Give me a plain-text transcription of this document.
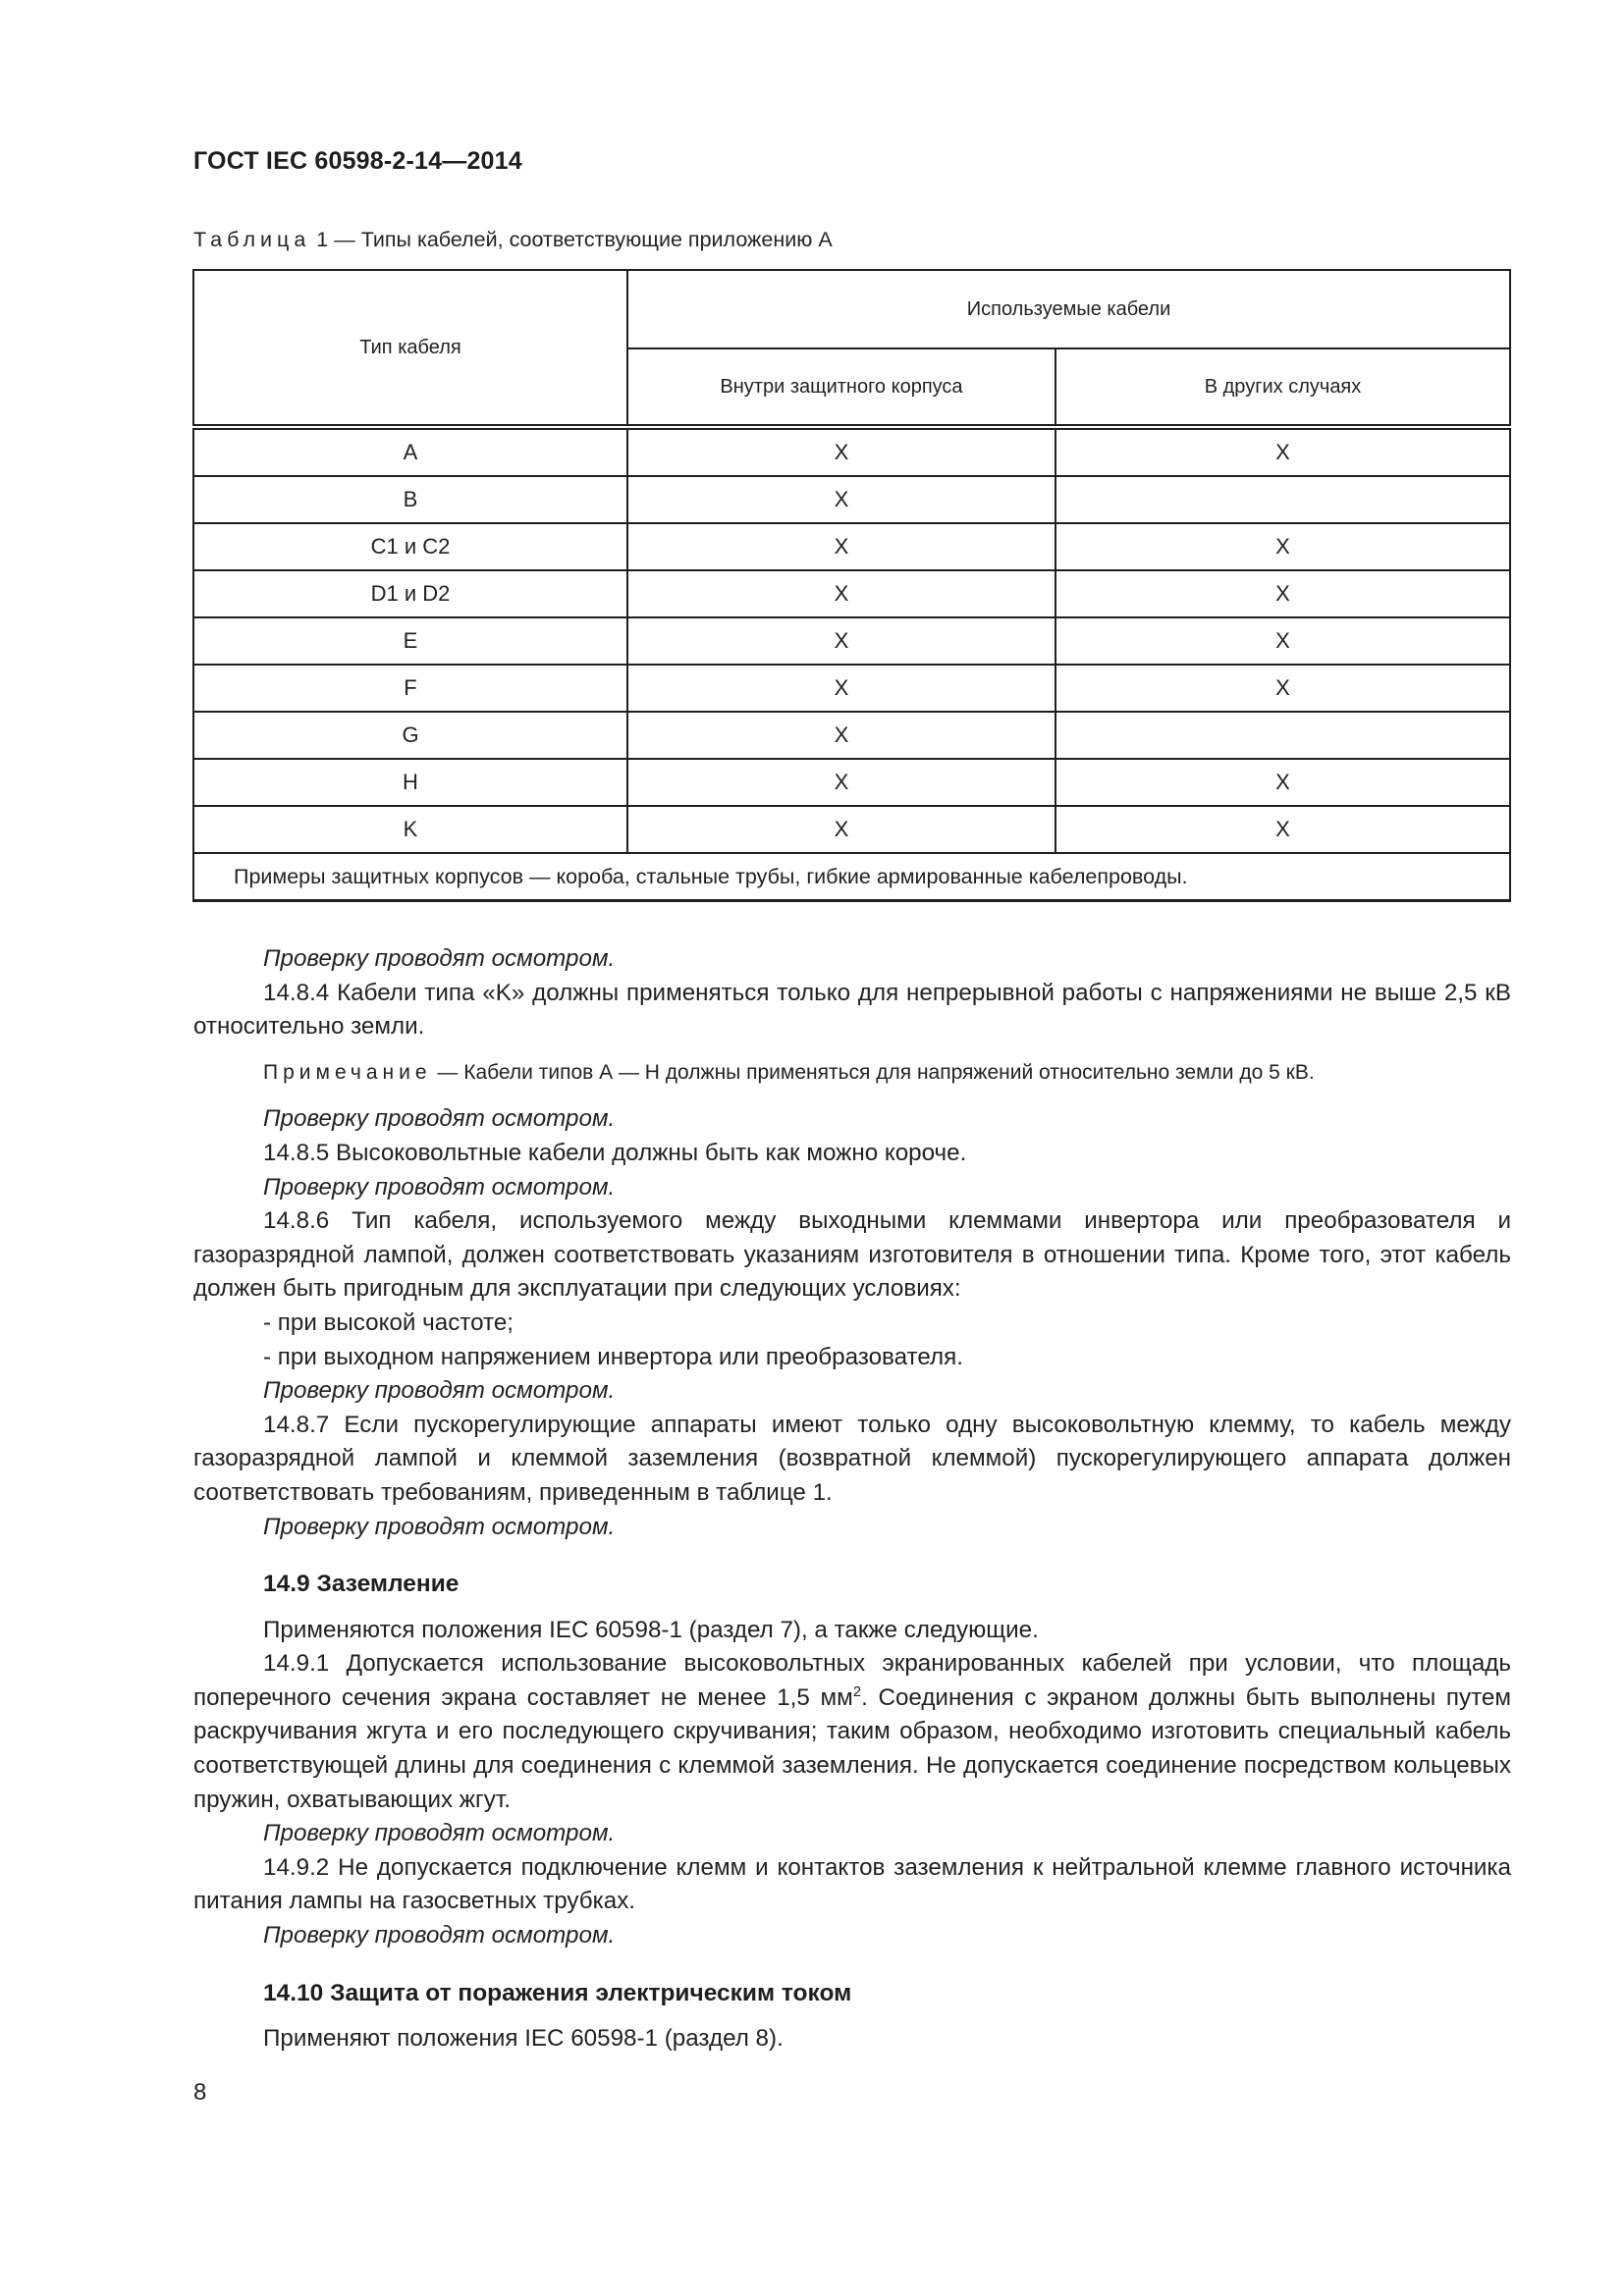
ГОСТ IEC 60598-2-14—2014
Таблица 1 — Типы кабелей, соответствующие приложению А
Тип кабеля	Используемые кабели	
	Внутри защитного корпуса	В других случаях
A	X	X
B	X	
C1 и C2	X	X
D1 и D2	X	X
E	X	X
F	X	X
G	X	
H	X	X
K	X	X
Примеры защитных корпусов — короба, стальные трубы, гибкие армированные кабелепроводы.		

Проверку проводят осмотром.

14.8.4 Кабели типа «K» должны применяться только для непрерывной работы с напряжениями не выше 2,5 кВ относительно земли.

Примечание — Кабели типов А — Н должны применяться для напряжений относительно земли до 5 кВ.

Проверку проводят осмотром.

14.8.5 Высоковольтные кабели должны быть как можно короче.

Проверку проводят осмотром.

14.8.6 Тип кабеля, используемого между выходными клеммами инвертора или преобразователя и газоразрядной лампой, должен соответствовать указаниям изготовителя в отношении типа. Кроме того, этот кабель должен быть пригодным для эксплуатации при следующих условиях:

- при высокой частоте;

- при выходном напряжением инвертора или преобразователя.

Проверку проводят осмотром.

14.8.7 Если пускорегулирующие аппараты имеют только одну высоковольтную клемму, то кабель между газоразрядной лампой и клеммой заземления (возвратной клеммой) пускорегулирующего аппарата должен соответствовать требованиям, приведенным в таблице 1.

Проверку проводят осмотром.

14.9 Заземление

Применяются положения IEC 60598-1 (раздел 7), а также следующие.

14.9.1 Допускается использование высоковольтных экранированных кабелей при условии, что площадь поперечного сечения экрана составляет не менее 1,5 $мм^2$. Соединения с экраном должны быть выполнены путем раскручивания жгута и его последующего скручивания; таким образом, необходимо изготовить специальный кабель соответствующей длины для соединения с клеммой заземления. Не допускается соединение посредством кольцевых пружин, охватывающих жгут.

Проверку проводят осмотром.

14.9.2 Не допускается подключение клемм и контактов заземления к нейтральной клемме главного источника питания лампы на газосветных трубках.

Проверку проводят осмотром.

14.10 Защита от поражения электрическим током

Применяют положения IEC 60598-1 (раздел 8).

8
